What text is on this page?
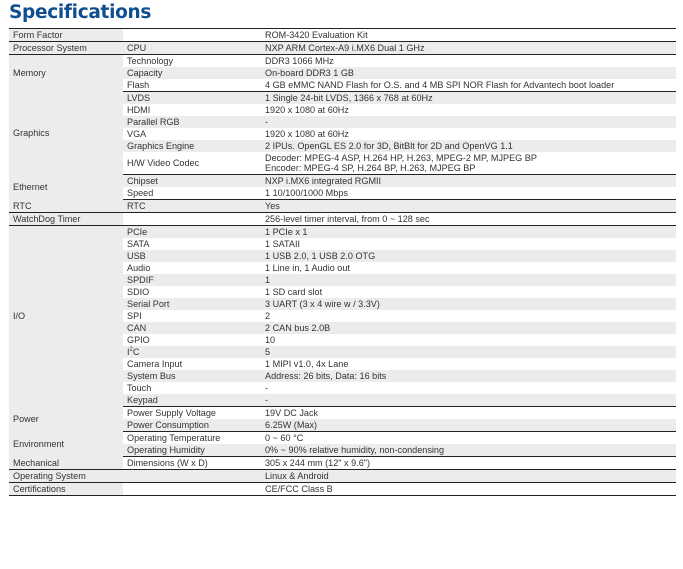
Specifications
Form Factor		ROM-3420 Evaluation Kit
Processor System	CPU	NXP ARM Cortex-A9 i.MX6 Dual 1 GHz
Memory	Technology	DDR3 1066 MHz
	Capacity	On-board DDR3 1 GB
	Flash	4 GB eMMC NAND Flash for O.S. and 4 MB SPI NOR Flash for Advantech boot loader
Graphics	LVDS	1 Single 24-bit LVDS, 1366 x 768 at 60Hz
	HDMI	1920 x 1080 at 60Hz
	Parallel RGB	-
	VGA	1920 x 1080 at 60Hz
	Graphics Engine	2 IPUs. OpenGL ES 2.0 for 3D, BitBlt for 2D and OpenVG 1.1
	H/W Video Codec	Decoder: MPEG-4 ASP, H.264 HP, H.263, MPEG-2 MP, MJPEG BP
Encoder: MPEG-4 SP, H.264 BP, H.263, MJPEG BP

Ethernet	Chipset	NXP i.MX6 integrated RGMII
	Speed	1 10/100/1000 Mbps
RTC	RTC	Yes
WatchDog Timer		256-level timer interval, from 0 ~ 128 sec
I/O	PCIe	1 PCIe x 1
	SATA	1 SATAII
	USB	1 USB 2.0, 1 USB 2.0 OTG
	Audio	1 Line in, 1 Audio out
	SPDIF	1
	SDIO	1 SD card slot
	Serial Port	3 UART (3 x 4 wire w / 3.3V)
	SPI	2
	CAN	2 CAN bus 2.0B
	GPIO	10
	$I^2C$	5
	Camera Input	1 MIPI v1.0, 4x Lane
	System Bus	Address: 26 bits, Data: 16 bits
	Touch	-
	Keypad	-
Power	Power Supply Voltage	19V DC Jack
	Power Consumption	6.25W (Max)
Environment	Operating Temperature	0 ~ 60 °C
	Operating Humidity	0% ~ 90% relative humidity, non-condensing
Mechanical	Dimensions (W x D)	305 x 244 mm (12" x 9.6")
Operating System		Linux & Android
Certifications		CE/FCC Class B
